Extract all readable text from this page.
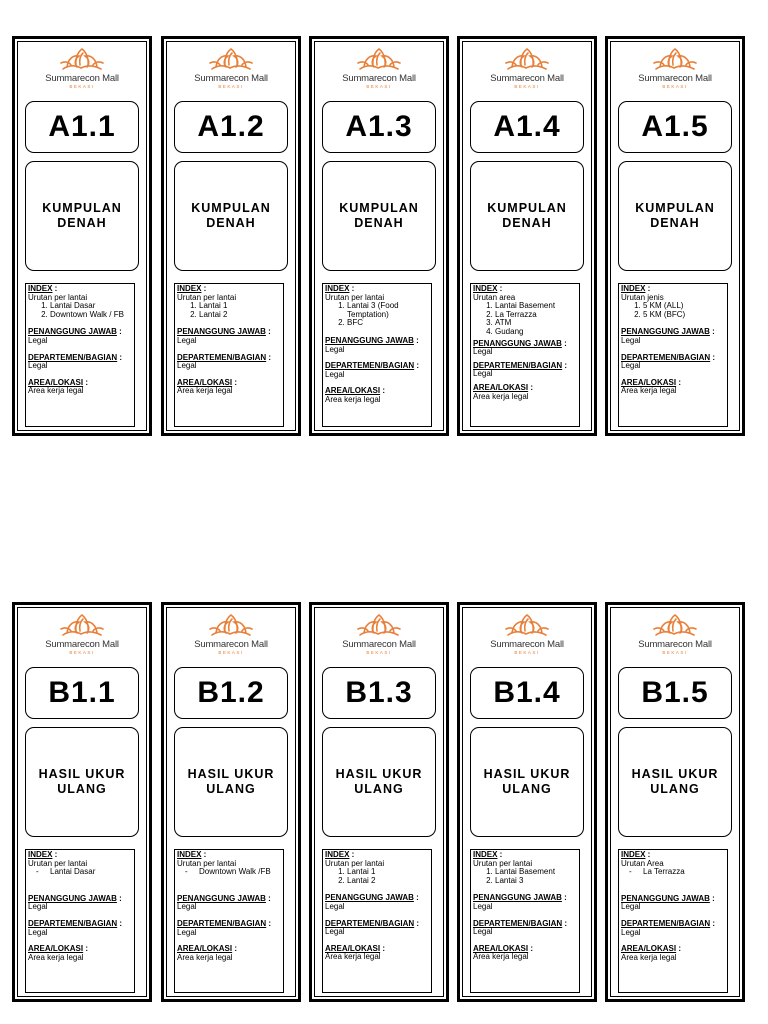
Summarecon Mall
BEKASI
A1.1
KUMPULAN
DENAH
INDEX :
Urutan per lantai
1. Lantai Dasar
2. Downtown Walk / FB
PENANGGUNG JAWAB :
Legal
DEPARTEMEN/BAGIAN :
Legal
AREA/LOKASI :
Area kerja legal
Summarecon Mall
BEKASI
A1.2
KUMPULAN
DENAH
INDEX :
Urutan per lantai
1. Lantai 1
2. Lantai 2
PENANGGUNG JAWAB :
Legal
DEPARTEMEN/BAGIAN :
Legal
AREA/LOKASI :
Area kerja legal
Summarecon Mall
BEKASI
A1.3
KUMPULAN
DENAH
INDEX :
Urutan per lantai
1. Lantai 3 (Food Temptation)
2. BFC
PENANGGUNG JAWAB :
Legal
DEPARTEMEN/BAGIAN :
Legal
AREA/LOKASI :
Area kerja legal
Summarecon Mall
BEKASI
A1.4
KUMPULAN
DENAH
INDEX :
Urutan area
1. Lantai Basement
2. La Terrazza
3. ATM
4. Gudang
PENANGGUNG JAWAB :
Legal
DEPARTEMEN/BAGIAN :
Legal
AREA/LOKASI :
Area kerja legal
Summarecon Mall
BEKASI
A1.5
KUMPULAN
DENAH
INDEX :
Urutan jenis
1. 5 KM (ALL)
2. 5 KM (BFC)
PENANGGUNG JAWAB :
Legal
DEPARTEMEN/BAGIAN :
Legal
AREA/LOKASI :
Area kerja legal
Summarecon Mall
BEKASI
B1.1
HASIL UKUR
ULANG
INDEX :
Urutan per lantai
- Lantai Dasar
PENANGGUNG JAWAB :
Legal
DEPARTEMEN/BAGIAN :
Legal
AREA/LOKASI :
Area kerja legal
Summarecon Mall
BEKASI
B1.2
HASIL UKUR
ULANG
INDEX :
Urutan per lantai
- Downtown Walk /FB
PENANGGUNG JAWAB :
Legal
DEPARTEMEN/BAGIAN :
Legal
AREA/LOKASI :
Area kerja legal
Summarecon Mall
BEKASI
B1.3
HASIL UKUR
ULANG
INDEX :
Urutan per lantai
1. Lantai 1
2. Lantai 2
PENANGGUNG JAWAB :
Legal
DEPARTEMEN/BAGIAN :
Legal
AREA/LOKASI :
Area kerja legal
Summarecon Mall
BEKASI
B1.4
HASIL UKUR
ULANG
INDEX :
Urutan per lantai
1. Lantai Basement
2. Lantai 3
PENANGGUNG JAWAB :
Legal
DEPARTEMEN/BAGIAN :
Legal
AREA/LOKASI :
Area kerja legal
Summarecon Mall
BEKASI
B1.5
HASIL UKUR
ULANG
INDEX :
Urutan Area
- La Terrazza
PENANGGUNG JAWAB :
Legal
DEPARTEMEN/BAGIAN :
Legal
AREA/LOKASI :
Area kerja legal
